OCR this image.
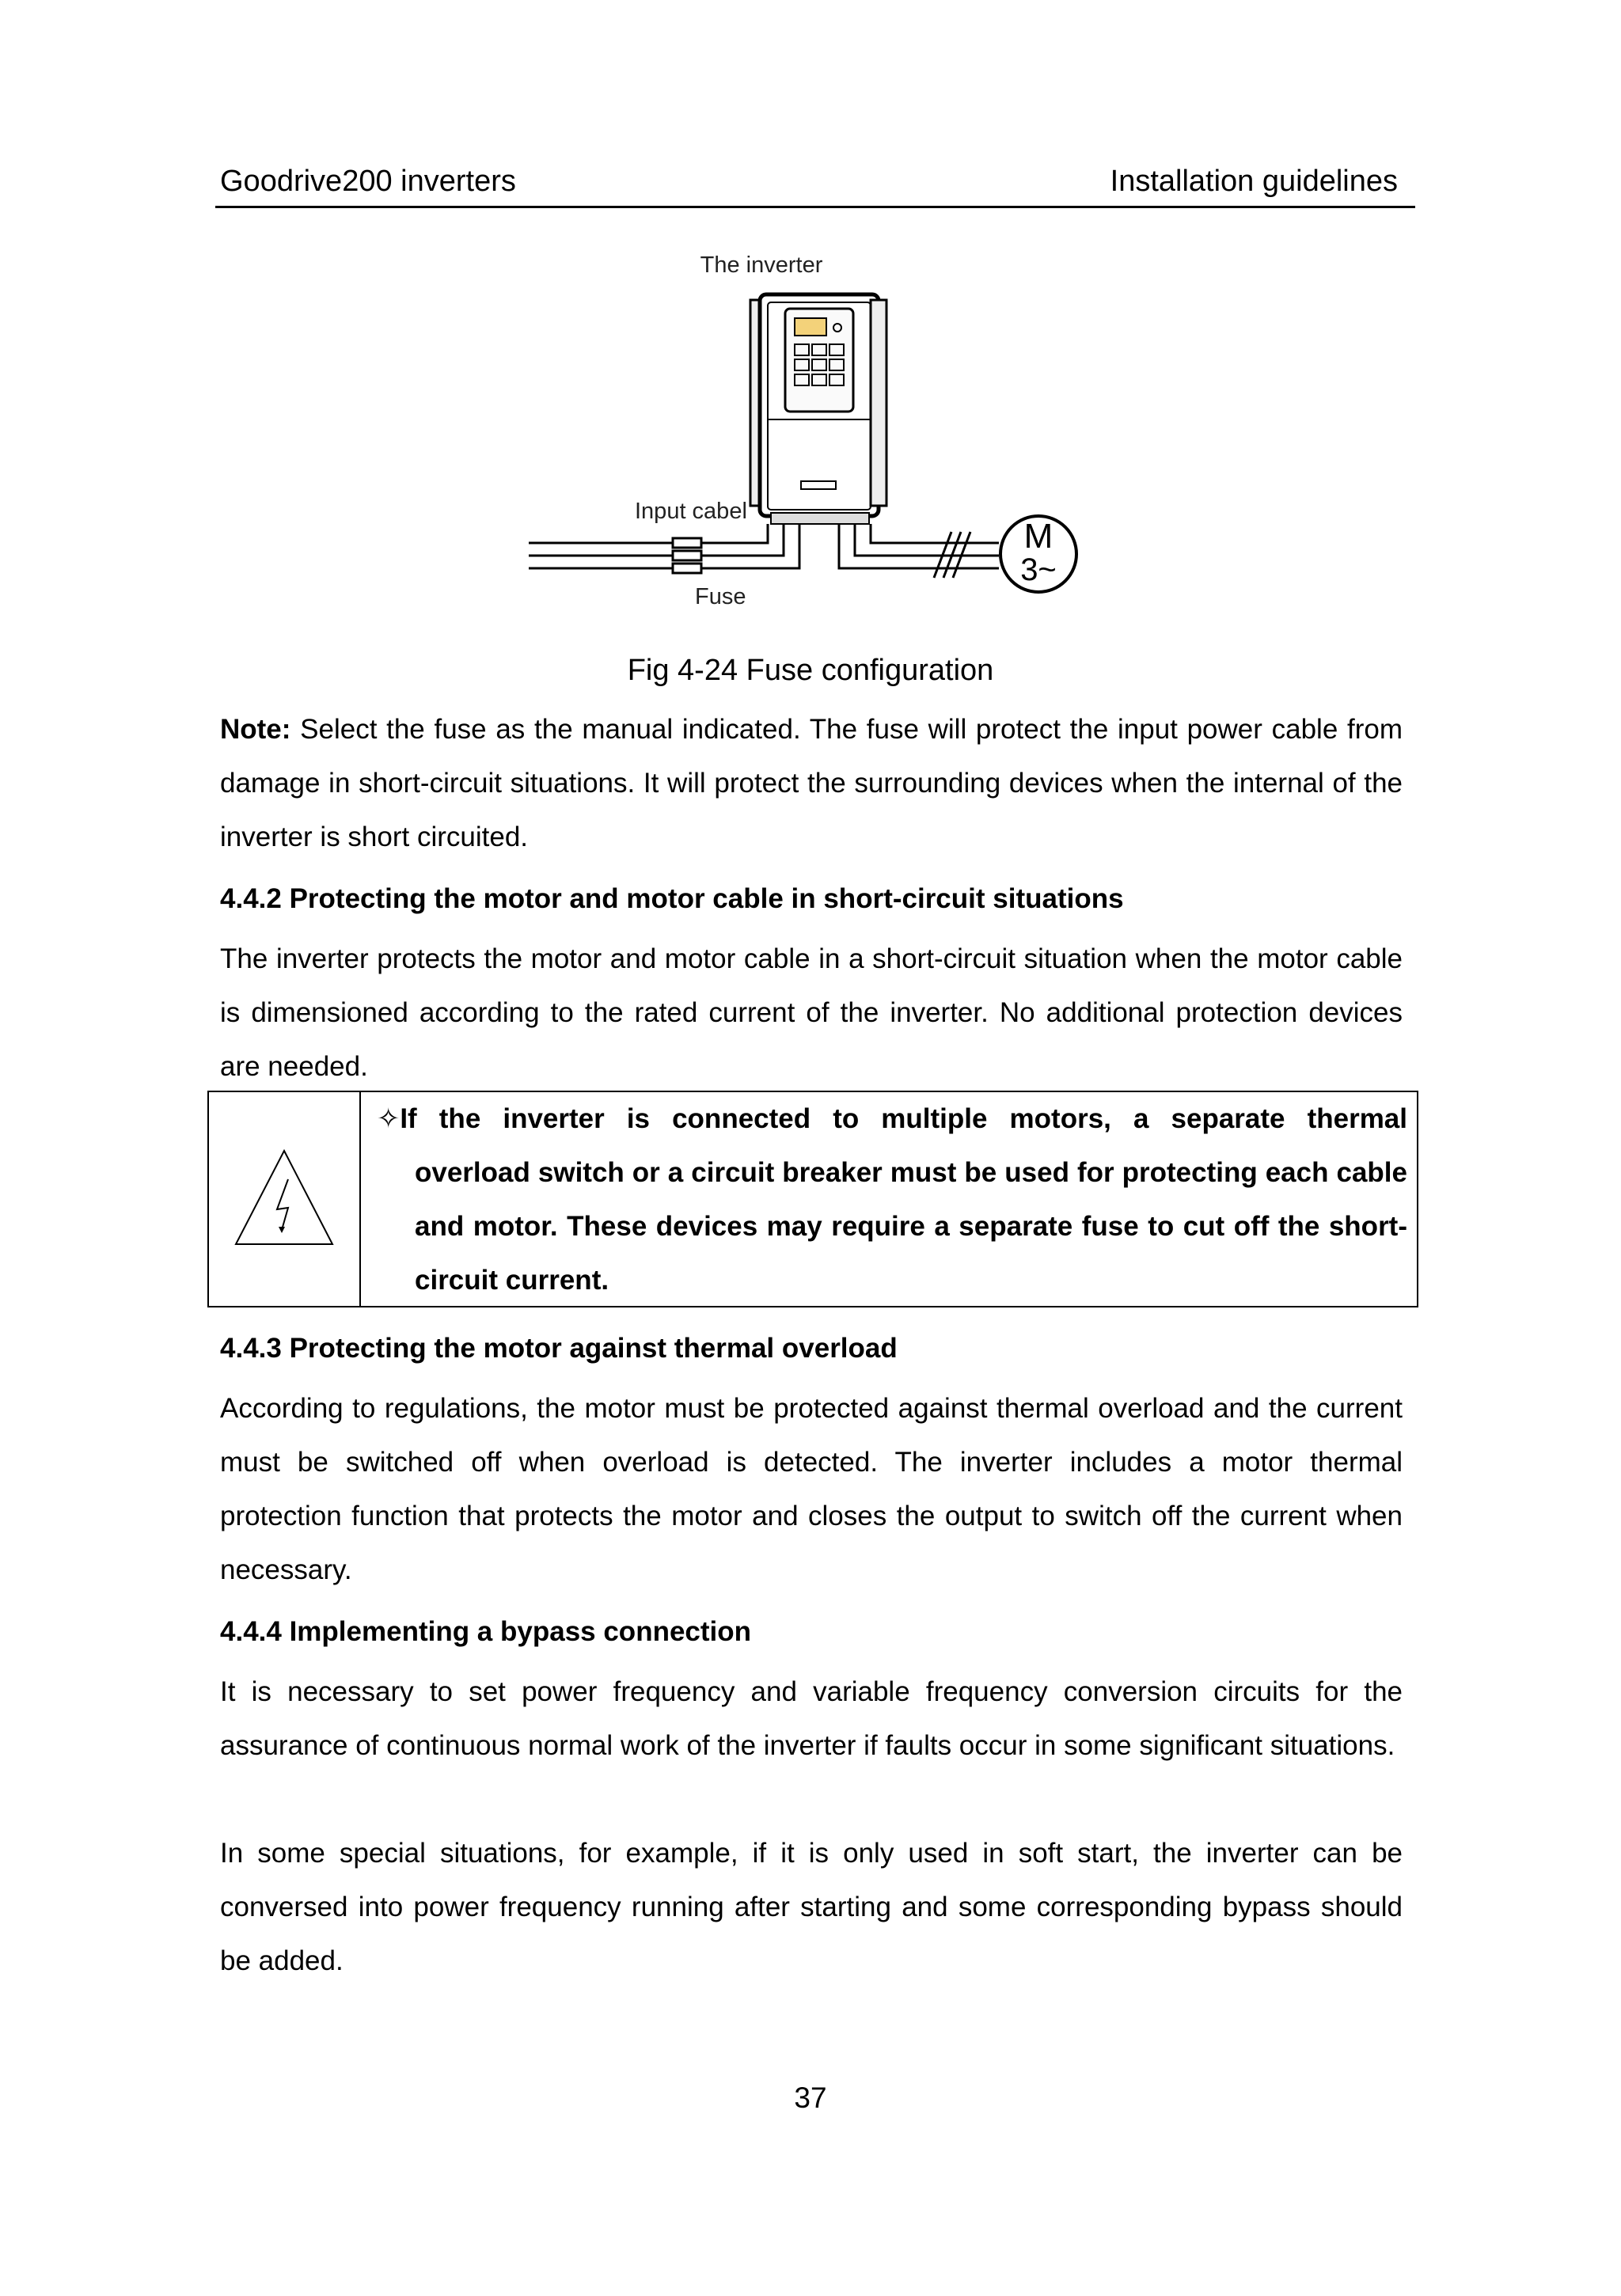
Goodrive200 inverters	Installation guidelines
The inverter
Input cabel
Fuse
M
3~
Fig 4-24 Fuse configuration
Note: Select the fuse as the manual indicated. The fuse will protect the input power cable from damage in short-circuit situations. It will protect the surrounding devices when the internal of the inverter is short circuited.
4.4.2 Protecting the motor and motor cable in short-circuit situations
The inverter protects the motor and motor cable in a short-circuit situation when the motor cable is dimensioned according to the rated current of the inverter. No additional protection devices are needed.
✧If the inverter is connected to multiple motors, a separate thermal
overload switch or a circuit breaker must be used for protecting each cable and motor. These devices may require a separate fuse to cut off the short-circuit current.
4.4.3 Protecting the motor against thermal overload
According to regulations, the motor must be protected against thermal overload and the current must be switched off when overload is detected. The inverter includes a motor thermal protection function that protects the motor and closes the output to switch off the current when necessary.
4.4.4 Implementing a bypass connection
It is necessary to set power frequency and variable frequency conversion circuits for the assurance of continuous normal work of the inverter if faults occur in some significant situations.
In some special situations, for example, if it is only used in soft start, the inverter can be conversed into power frequency running after starting and some corresponding bypass should be added.
37
